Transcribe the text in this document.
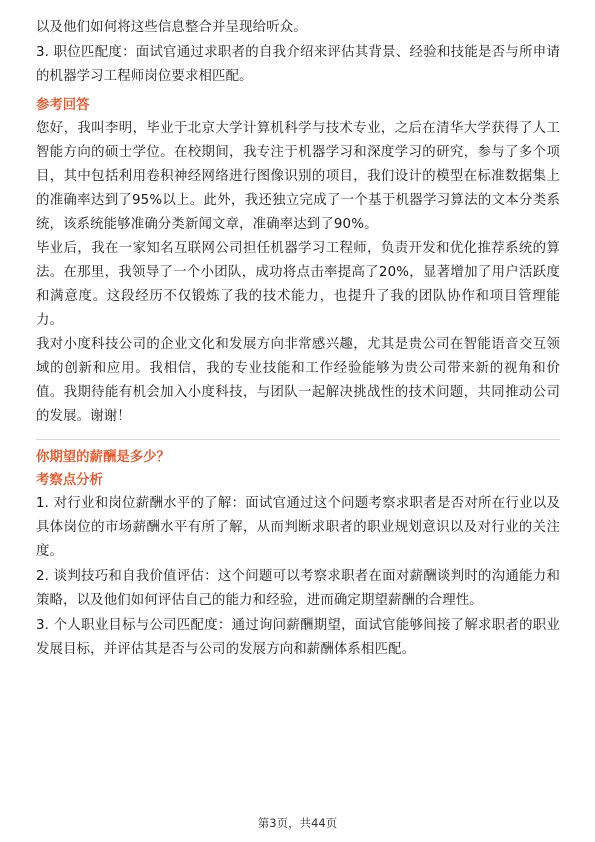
以及他们如何将这些信息整合并呈现给听众。

3. 职位匹配度：面试官通过求职者的自我介绍来评估其背景、经验和技能是否与所申请的机器学习工程师岗位要求相匹配。

参考回答

您好，我叫李明，毕业于北京大学计算机科学与技术专业，之后在清华大学获得了人工智能方向的硕士学位。在校期间，我专注于机器学习和深度学习的研究，参与了多个项目，其中包括利用卷积神经网络进行图像识别的项目，我们设计的模型在标准数据集上的准确率达到了95%以上。此外，我还独立完成了一个基于机器学习算法的文本分类系统，该系统能够准确分类新闻文章，准确率达到了90%。

毕业后，我在一家知名互联网公司担任机器学习工程师，负责开发和优化推荐系统的算法。在那里，我领导了一个小团队，成功将点击率提高了20%，显著增加了用户活跃度和满意度。这段经历不仅锻炼了我的技术能力，也提升了我的团队协作和项目管理能力。

我对小度科技公司的企业文化和发展方向非常感兴趣，尤其是贵公司在智能语音交互领域的创新和应用。我相信，我的专业技能和工作经验能够为贵公司带来新的视角和价值。我期待能有机会加入小度科技，与团队一起解决挑战性的技术问题，共同推动公司的发展。谢谢！

你期望的薪酬是多少？
考察点分析

1. 对行业和岗位薪酬水平的了解：面试官通过这个问题考察求职者是否对所在行业以及具体岗位的市场薪酬水平有所了解，从而判断求职者的职业规划意识以及对行业的关注度。

2. 谈判技巧和自我价值评估：这个问题可以考察求职者在面对薪酬谈判时的沟通能力和策略，以及他们如何评估自己的能力和经验，进而确定期望薪酬的合理性。

3. 个人职业目标与公司匹配度：通过询问薪酬期望，面试官能够间接了解求职者的职业发展目标，并评估其是否与公司的发展方向和薪酬体系相匹配。

第3页，共44页
